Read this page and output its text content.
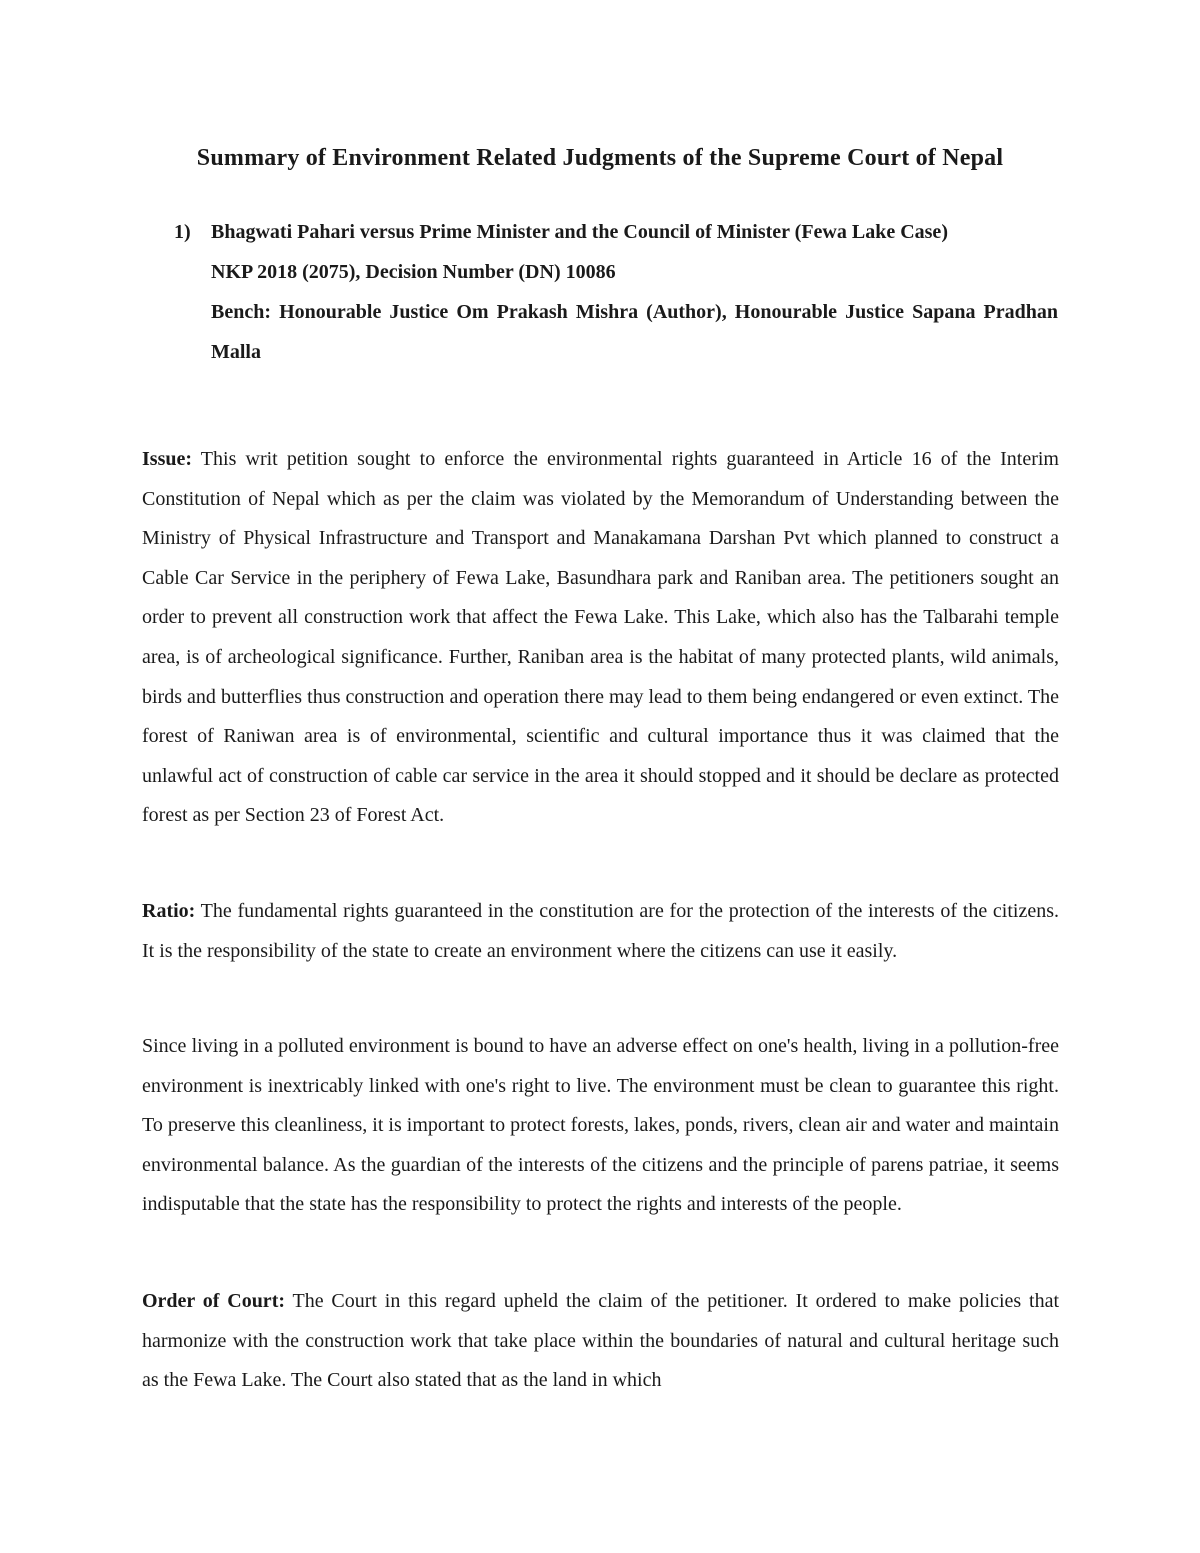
Summary of Environment Related Judgments of the Supreme Court of Nepal
1) Bhagwati Pahari versus Prime Minister and the Council of Minister (Fewa Lake Case)

NKP 2018 (2075), Decision Number (DN) 10086

Bench: Honourable Justice Om Prakash Mishra (Author), Honourable Justice Sapana Pradhan Malla

Issue: This writ petition sought to enforce the environmental rights guaranteed in Article 16 of the Interim Constitution of Nepal which as per the claim was violated by the Memorandum of Understanding between the Ministry of Physical Infrastructure and Transport and Manakamana Darshan Pvt which planned to construct a Cable Car Service in the periphery of Fewa Lake, Basundhara park and Raniban area. The petitioners sought an order to prevent all construction work that affect the Fewa Lake. This Lake, which also has the Talbarahi temple area, is of archeological significance. Further, Raniban area is the habitat of many protected plants, wild animals, birds and butterflies thus construction and operation there may lead to them being endangered or even extinct. The forest of Raniwan area is of environmental, scientific and cultural importance thus it was claimed that the unlawful act of construction of cable car service in the area it should stopped and it should be declare as protected forest as per Section 23 of Forest Act.

Ratio: The fundamental rights guaranteed in the constitution are for the protection of the interests of the citizens. It is the responsibility of the state to create an environment where the citizens can use it easily.

Since living in a polluted environment is bound to have an adverse effect on one's health, living in a pollution-free environment is inextricably linked with one's right to live. The environment must be clean to guarantee this right. To preserve this cleanliness, it is important to protect forests, lakes, ponds, rivers, clean air and water and maintain environmental balance. As the guardian of the interests of the citizens and the principle of parens patriae, it seems indisputable that the state has the responsibility to protect the rights and interests of the people.

Order of Court: The Court in this regard upheld the claim of the petitioner. It ordered to make policies that harmonize with the construction work that take place within the boundaries of natural and cultural heritage such as the Fewa Lake. The Court also stated that as the land in which
